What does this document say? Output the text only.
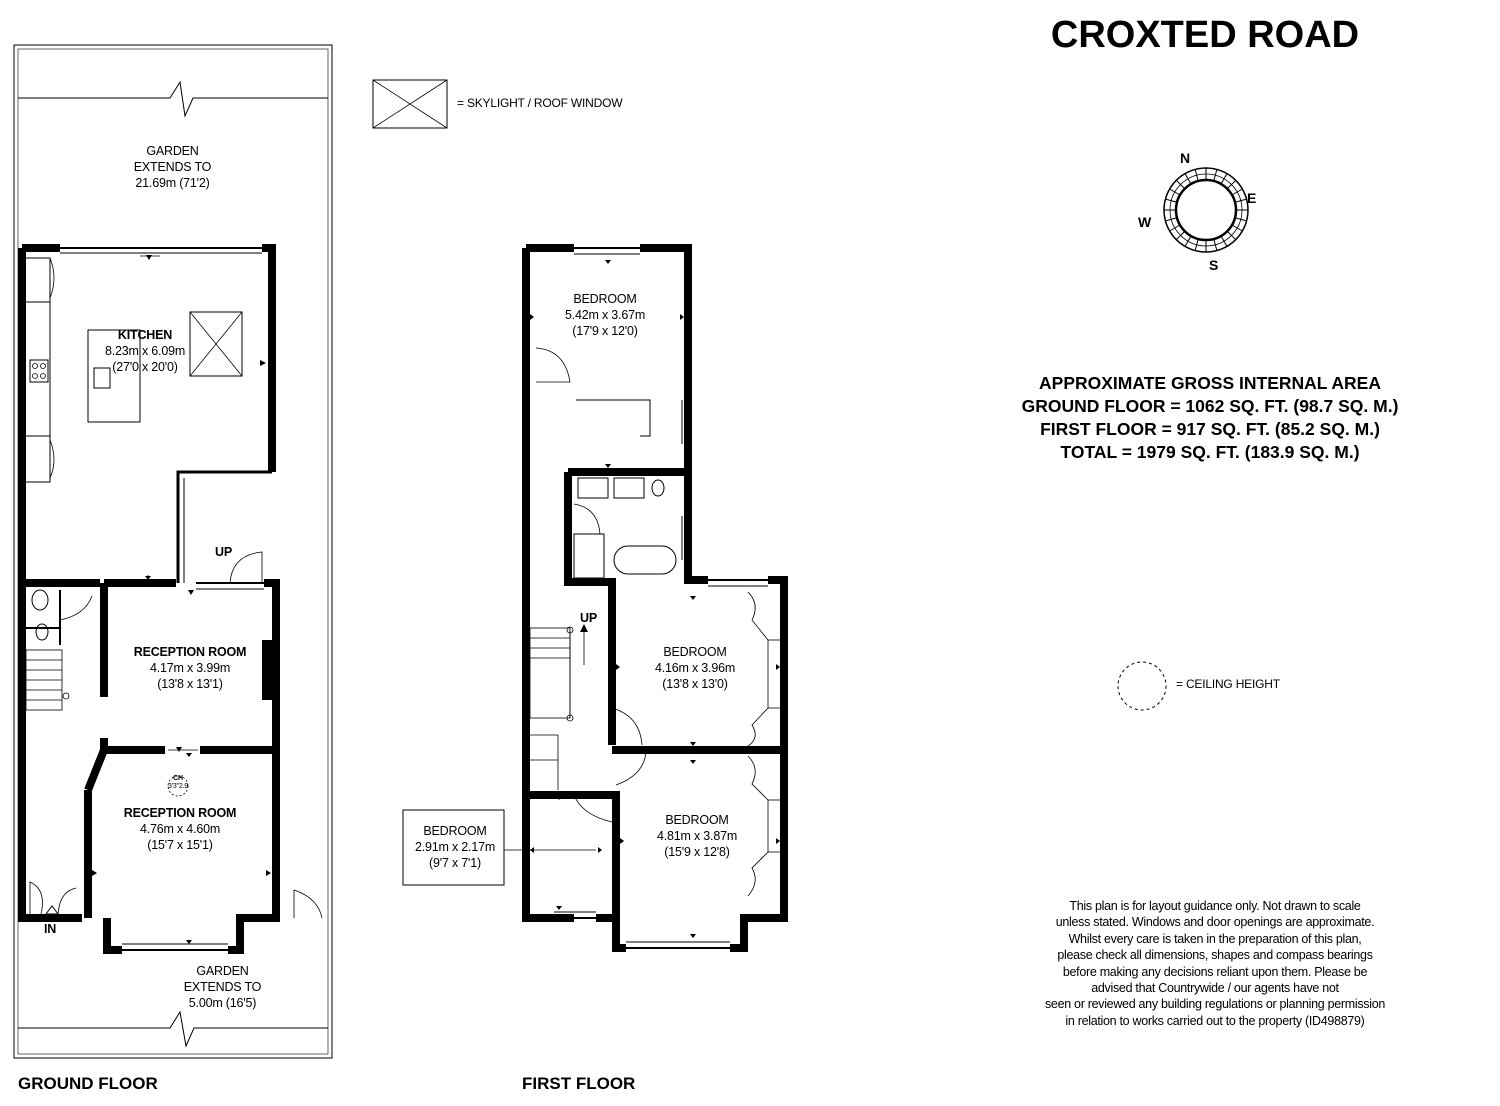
CROXTED ROAD
= SKYLIGHT / ROOF WINDOW
= CEILING HEIGHT
N
E
S
W
APPROXIMATE GROSS INTERNAL AREA
GROUND FLOOR = 1062 SQ. FT. (98.7 SQ. M.)
FIRST FLOOR = 917 SQ. FT. (85.2 SQ. M.)
TOTAL = 1979 SQ. FT. (183.9 SQ. M.)
This plan is for layout guidance only. Not drawn to scale
unless stated. Windows and door openings are approximate.
Whilst every care is taken in the preparation of this plan,
please check all dimensions, shapes and compass bearings
before making any decisions reliant upon them. Please be
advised that Countrywide / our agents have not
seen or reviewed any building regulations or planning permission
in relation to works carried out to the property (ID498879)
GARDEN
EXTENDS TO
21.69m (71'2)
KITCHEN
8.23m x 6.09m
(27'0 x 20'0)
RECEPTION ROOM
4.17m x 3.99m
(13'8 x 13'1)
RECEPTION ROOM
4.76m x 4.60m
(15'7 x 15'1)
CH
3'3"2.9
GARDEN
EXTENDS TO
5.00m (16'5)
UP
IN
GROUND FLOOR
BEDROOM
5.42m x 3.67m
(17'9 x 12'0)
BEDROOM
4.16m x 3.96m
(13'8 x 13'0)
BEDROOM
4.81m x 3.87m
(15'9 x 12'8)
BEDROOM
2.91m x 2.17m
(9'7 x 7'1)
UP
FIRST FLOOR
